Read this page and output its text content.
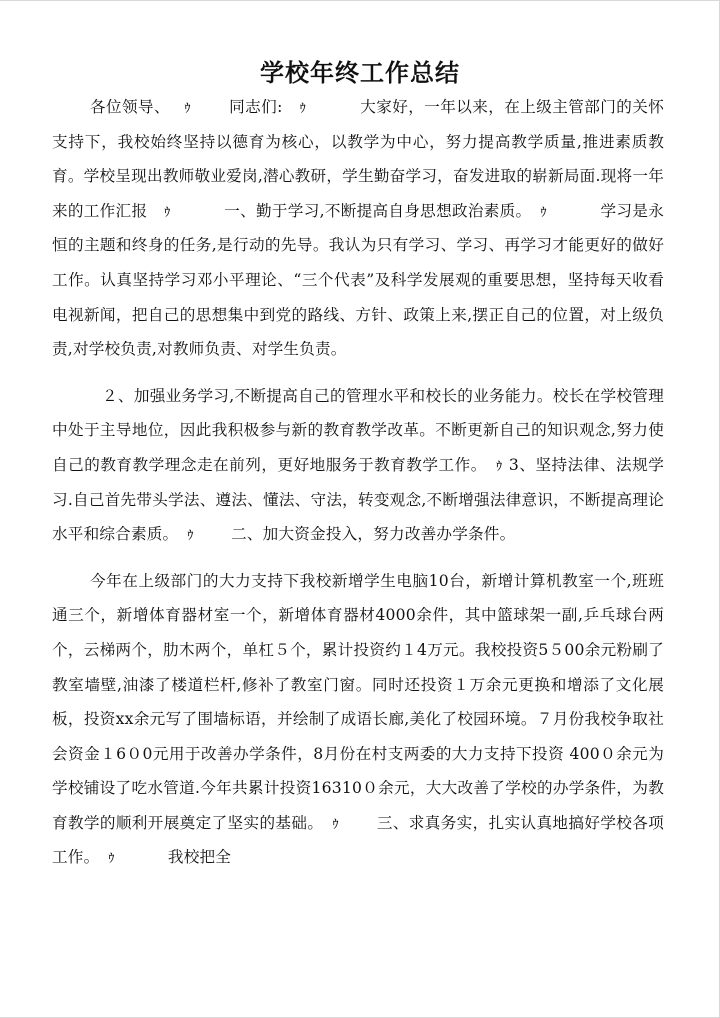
学校年终工作总结

各位领导、　 ｩ 　　同志们:　ｩ 　　　大家好，一年以来，在上级主管部门的关怀支持下，我校始终坚持以德育为核心，以教学为中心，努力提高教学质量,推进素质教育。学校呈现出教师敬业爱岗,潜心教研，学生勤奋学习，奋发进取的崭新局面.现将一年来的工作汇报　ｩ 　　　一、勤于学习,不断提高自身思想政治素质。　ｩ 　　　学习是永恒的主题和终身的任务,是行动的先导。我认为只有学习、学习、再学习才能更好的做好工作。认真坚持学习邓小平理论、“三个代表”及科学发展观的重要思想，坚持每天收看电视新闻，把自己的思想集中到党的路线、方针、政策上来,摆正自己的位置，对上级负责,对学校负责,对教师负责、对学生负责。

２、加强业务学习,不断提高自己的管理水平和校长的业务能力。校长在学校管理中处于主导地位，因此我积极参与新的教育教学改革。不断更新自己的知识观念,努力使自己的教育教学理念走在前列，更好地服务于教育教学工作。　ｩ 3、坚持法律、法规学习.自己首先带头学法、遵法、懂法、守法，转变观念,不断增强法律意识，不断提高理论水平和综合素质。　ｩ 　　二、加大资金投入，努力改善办学条件。

今年在上级部门的大力支持下我校新增学生电脑10台，新增计算机教室一个,班班通三个，新增体育器材室一个，新增体育器材4000余件，其中篮球架一副,乒乓球台两个，云梯两个，肋木两个，单杠５个，累计投资约１4万元。我校投资5５00余元粉刷了教室墙壁,油漆了楼道栏杆,修补了教室门窗。同时还投资１万余元更换和增添了文化展板，投资xx余元写了围墙标语，并绘制了成语长廊,美化了校园环境。７月份我校争取社会资金１6０0元用于改善办学条件，8月份在村支两委的大力支持下投资 400０余元为学校铺设了吃水管道.今年共累计投资16310０余元，大大改善了学校的办学条件，为教育教学的顺利开展奠定了坚实的基础。　ｩ 　　三、求真务实，扎实认真地搞好学校各项工作。　ｩ 　　　我校把全
